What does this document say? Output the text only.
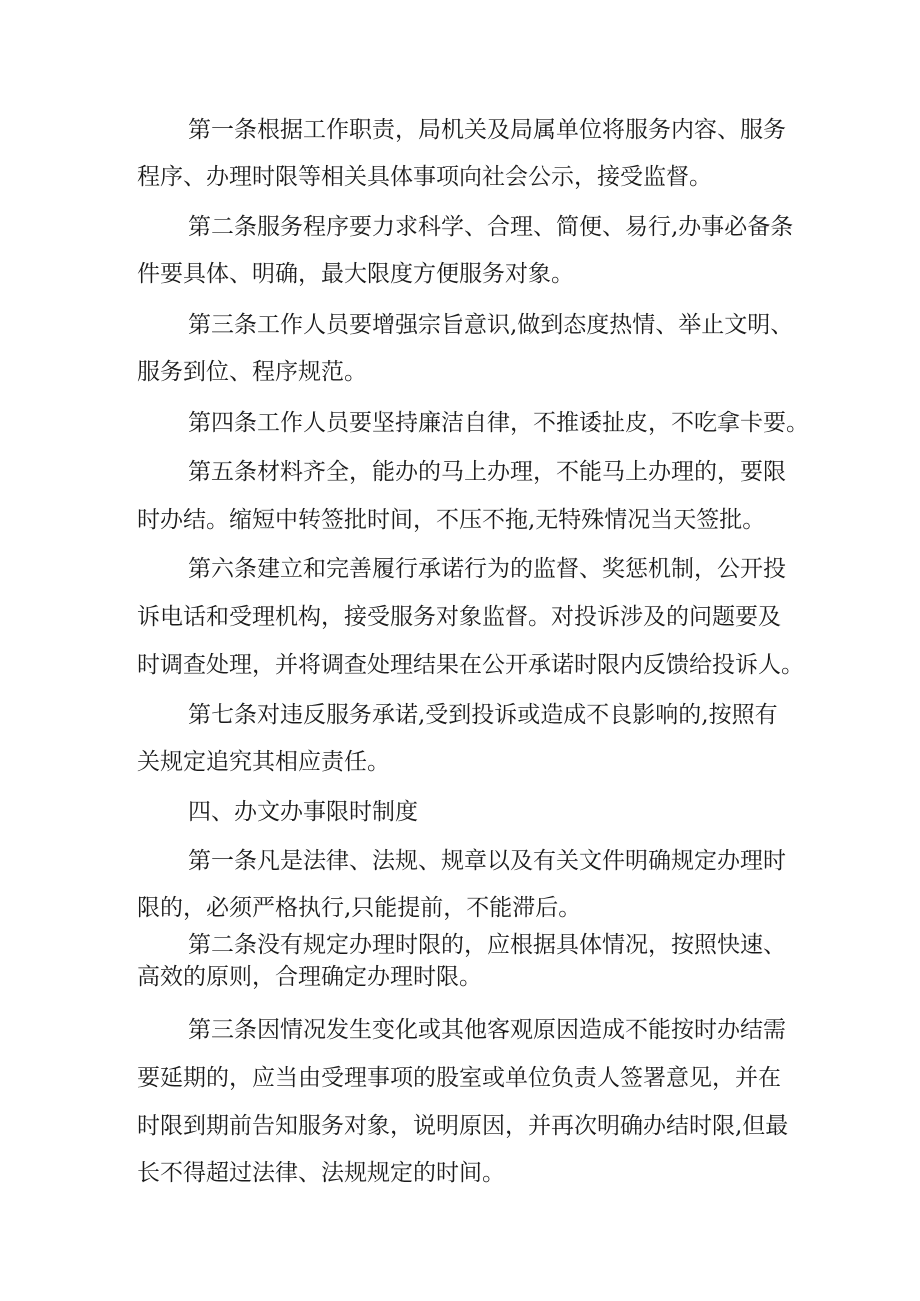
第一条根据工作职责，局机关及局属单位将服务内容、服务
程序、办理时限等相关具体事项向社会公示，接受监督。
第二条服务程序要力求科学、合理、简便、易行,办事必备条
件要具体、明确，最大限度方便服务对象。
第三条工作人员要增强宗旨意识,做到态度热情、举止文明、
服务到位、程序规范。
第四条工作人员要坚持廉洁自律，不推诿扯皮，不吃拿卡要。
第五条材料齐全，能办的马上办理，不能马上办理的，要限
时办结。缩短中转签批时间，不压不拖,无特殊情况当天签批。
第六条建立和完善履行承诺行为的监督、奖惩机制，公开投
诉电话和受理机构，接受服务对象监督。对投诉涉及的问题要及
时调查处理，并将调查处理结果在公开承诺时限内反馈给投诉人。
第七条对违反服务承诺,受到投诉或造成不良影响的,按照有
关规定追究其相应责任。
四、办文办事限时制度
第一条凡是法律、法规、规章以及有关文件明确规定办理时
限的，必须严格执行,只能提前，不能滞后。
第二条没有规定办理时限的，应根据具体情况，按照快速、
高效的原则，合理确定办理时限。
第三条因情况发生变化或其他客观原因造成不能按时办结需
要延期的，应当由受理事项的股室或单位负责人签署意见，并在
时限到期前告知服务对象，说明原因，并再次明确办结时限,但最
长不得超过法律、法规规定的时间。
